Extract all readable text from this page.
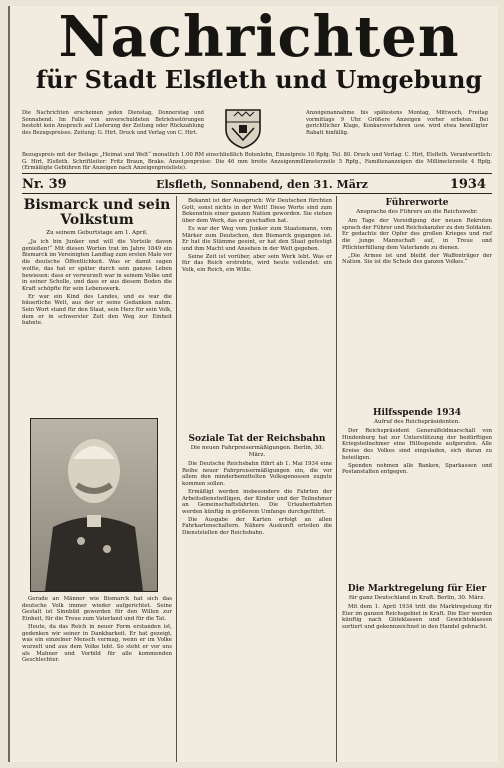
Nachrichten
für Stadt Elsfleth und Umgebung
Die Nachrichten erscheinen jeden Dienstag, Donnerstag und Sonnabend. Im Falle von unverschuldeten Betriebsstörungen besteht kein Anspruch auf Lieferung der Zeitung oder Rückzahlung des Bezugspreises. Zeitung: G. Hirt. Druck und Verlag von C. Hirt.
Anzeigenannahme bis spätestens Montag, Mittwoch, Freitag vormittags 9 Uhr. Größere Anzeigen vorher erbeten. Bei gerichtlicher Klage, Konkursverfahren usw. wird etwa bewilligter Rabatt hinfällig.
Bezugspreis mit der Beilage „Heimat und Welt“ monatlich 1.00 RM einschließlich Botenlohn, Einzelpreis 10 Rpfg. Tel. 80. Druck und Verlag: C. Hirt, Elsfleth. Verantwortlich: G. Hirt, Elsfleth. Schriftleiter: Fritz Braun, Brake. Anzeigenpreise: Die 46 mm breite Anzeigenmillimeterzeile 5 Rpfg., Familienanzeigen die Millimeterzeile 4 Rpfg. (Ermäßigte Gebühren für Anzeigen nach Anzeigenpreisliste).
Nr. 39	Elsfleth, Sonnabend, den 31. März	1934
Bismarck und sein Volkstum
Zu seinem Geburtstage am 1. April.

„Ja ich bin Junker und will die Vorteile davon genießen!“ Mit diesen Worten trat im Jahre 1849 ein Bismarck im Vereinigten Landtag zum ersten Male vor die deutsche Öffentlichkeit. Was er damit sagen wollte, das hat er später durch sein ganzes Leben bewiesen: dass er verwurzelt war in seinem Volke und in seiner Scholle, und dass er aus diesem Boden die Kraft schöpfte für sein Lebenswerk.

Er war ein Kind des Landes, und es war die bäuerliche Welt, aus der er seine Gedanken nahm. Sein Wort stand für den Staat, sein Herz für sein Volk, dem er in schwerster Zeit den Weg zur Einheit bahnte.

Gerade an Männer wie Bismarck hat sich das deutsche Volk immer wieder aufgerichtet. Seine Gestalt ist Sinnbild geworden für den Willen zur Einheit, für die Treue zum Vaterland und für die Tat.

Heute, da das Reich in neuer Form erstanden ist, gedenken wir seiner in Dankbarkeit. Er hat gezeigt, was ein einzelner Mensch vermag, wenn er im Volke wurzelt und aus dem Volke lebt. So steht er vor uns als Mahner und Vorbild für alle kommenden Geschlechter.

Bekannt ist der Ausspruch: Wir Deutschen fürchten Gott, sonst nichts in der Welt! Diese Worte sind zum Bekenntnis einer ganzen Nation geworden. Sie stehen über dem Werk, das er geschaffen hat.

Es war der Weg vom Junker zum Staatsmann, vom Märker zum Deutschen, den Bismarck gegangen ist. Er hat die Stämme geeint, er hat den Staat gefestigt und ihm Macht und Ansehen in der Welt gegeben.

Seine Zeit ist vorüber, aber sein Werk lebt. Was er für das Reich erstrebte, wird heute vollendet: ein Volk, ein Reich, ein Wille.

Soziale Tat der Reichsbahn
Die neuen Fahrpreisermäßigungen. Berlin, 30. März.

Die Deutsche Reichsbahn führt ab 1. Mai 1934 eine Reihe neuer Fahrpreisermäßigungen ein, die vor allem den minderbemittelten Volksgenossen zugute kommen sollen.

Ermäßigt werden insbesondere die Fahrten der Arbeitsdienstwilligen, der Kinder und der Teilnehmer an Gemeinschaftsfahrten. Die Urlauberfahrten werden künftig in größerem Umfange durchgeführt.

Die Ausgabe der Karten erfolgt an allen Fahrkartenschaltern. Nähere Auskunft erteilen die Dienststellen der Reichsbahn.

Führerworte
Ansprache des Führers an die Reichswehr.

Am Tage der Vereidigung der neuen Rekruten sprach der Führer und Reichskanzler zu den Soldaten. Er gedachte der Opfer des großen Krieges und rief die junge Mannschaft auf, in Treue und Pflichterfüllung dem Vaterlande zu dienen.

„Die Armee ist und bleibt der Waffenträger der Nation. Sie ist die Schule des ganzen Volkes.“

Hilfsspende 1934
Aufruf des Reichspräsidenten.

Der Reichspräsident Generalfeldmarschall von Hindenburg hat zur Unterstützung der bedürftigen Kriegsteilnehmer eine Hilfsspende aufgerufen. Alle Kreise des Volkes sind eingeladen, sich daran zu beteiligen.

Spenden nehmen alle Banken, Sparkassen und Postanstalten entgegen.

Die Marktregelung für Eier
für ganz Deutschland in Kraft. Berlin, 30. März.

Mit dem 1. April 1934 tritt die Marktregelung für Eier im ganzen Reichsgebiet in Kraft. Die Eier werden künftig nach Güteklassen und Gewichtsklassen sortiert und gekennzeichnet in den Handel gebracht.
